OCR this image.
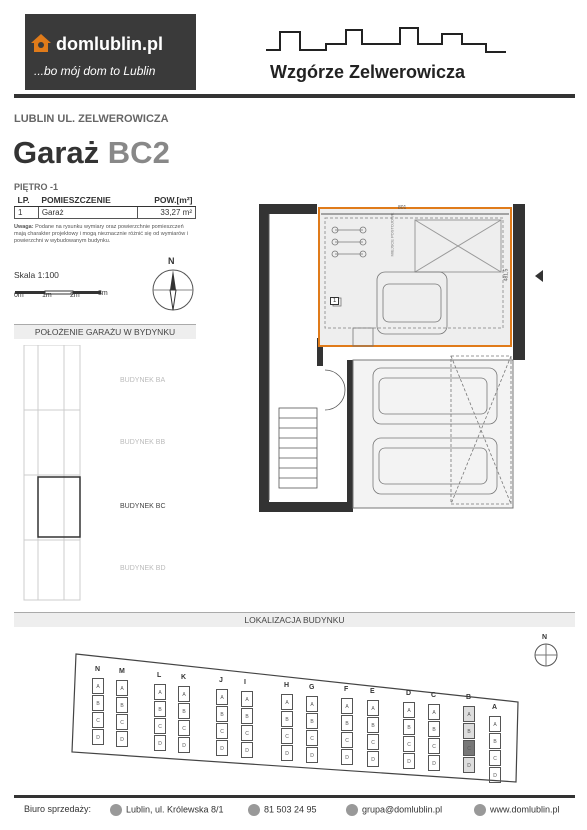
domlublin.pl
...bo mój dom to Lublin	Wzgórze Zelwerowicza
LUBLIN UL. ZELWEROWICZA
Garaż BC2
PIĘTRO -1
LP.	POMIESZCZENIE	POW.[m²]
1	Garaż	33,27 m²
Uwaga: Podane na rysunku wymiary oraz powierzchnie pomieszczeń mają charakter projektowy i mogą nieznacznie różnić się od wymiarów i powierzchni w wybudowanym budynku.
Skala 1:100
0m	1m	2m	3m
N
POŁOŻENIE GARAŻU W BYDYNKU
BUDYNEK BA
BUDYNEK BB
BUDYNEK BC
BUDYNEK BD
801
481,5
1
MIEJSCE POSTOJOWE
LOKALIZACJA BUDYNKU
N
N
A
B
C
D
M
A
B
C
D
L
A
B
C
D
K
A
B
C
D
J
A
B
C
D
I
A
B
C
D
H
A
B
C
D
G
A
B
C
D
F
A
B
C
D
E
A
B
C
D
D
A
B
C
D
C
A
B
C
D
B
A
B
C
D
A
A
B
C
D
Biuro sprzedaży:	Lublin, ul. Królewska 8/1	81 503 24 95	grupa@domlublin.pl	www.domlublin.pl
